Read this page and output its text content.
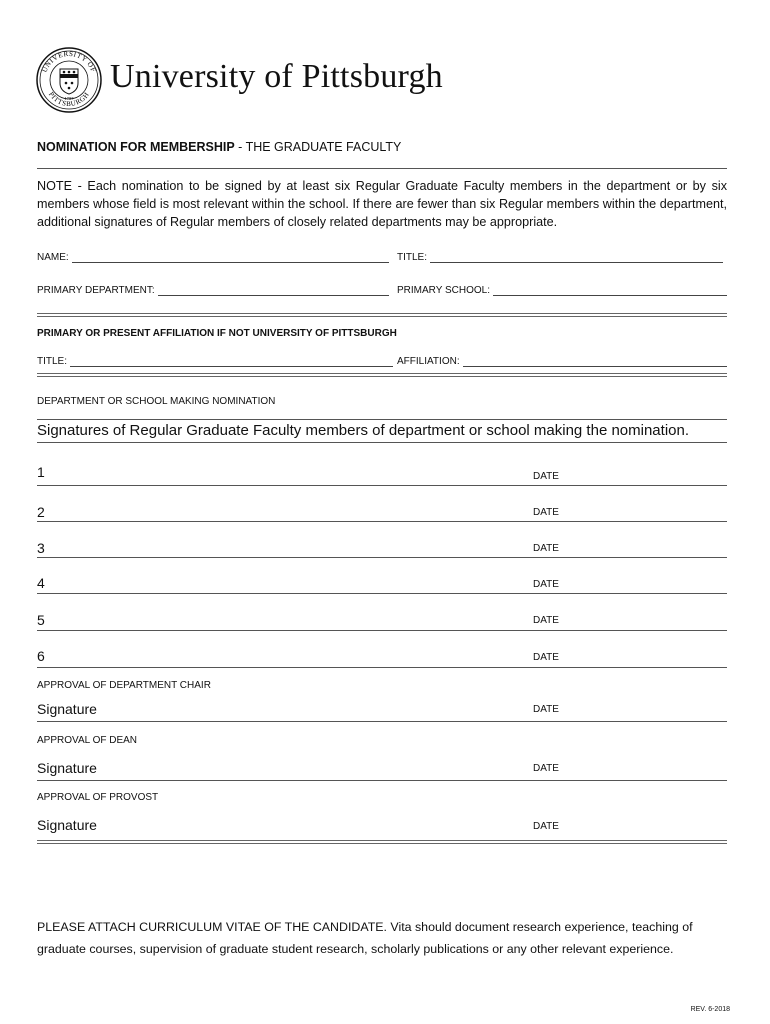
UNIVERSITY OF
PITTSBURGH
1787
University of Pittsburgh
NOMINATION FOR MEMBERSHIP - THE GRADUATE FACULTY
NOTE - Each nomination to be signed by at least six Regular Graduate Faculty members in the department or by six members whose field is most relevant within the school. If there are fewer than six Regular members within the department, additional signatures of Regular members of closely related departments may be appropriate.
NAME:	TITLE:
PRIMARY DEPARTMENT:	PRIMARY SCHOOL:
PRIMARY OR PRESENT AFFILIATION IF NOT UNIVERSITY OF PITTSBURGH
TITLE:	AFFILIATION:
DEPARTMENT OR SCHOOL MAKING NOMINATION
Signatures of Regular Graduate Faculty members of department or school making the nomination.
1	DATE
2	DATE
3	DATE
4	DATE
5	DATE
6	DATE
APPROVAL OF DEPARTMENT CHAIR
Signature	DATE
APPROVAL OF DEAN
Signature	DATE
APPROVAL OF PROVOST
Signature	DATE
PLEASE ATTACH CURRICULUM VITAE OF THE CANDIDATE. Vita should document research experience, teaching of
graduate courses, supervision of graduate student research, scholarly publications or any other relevant experience.
REV. 6-2018
